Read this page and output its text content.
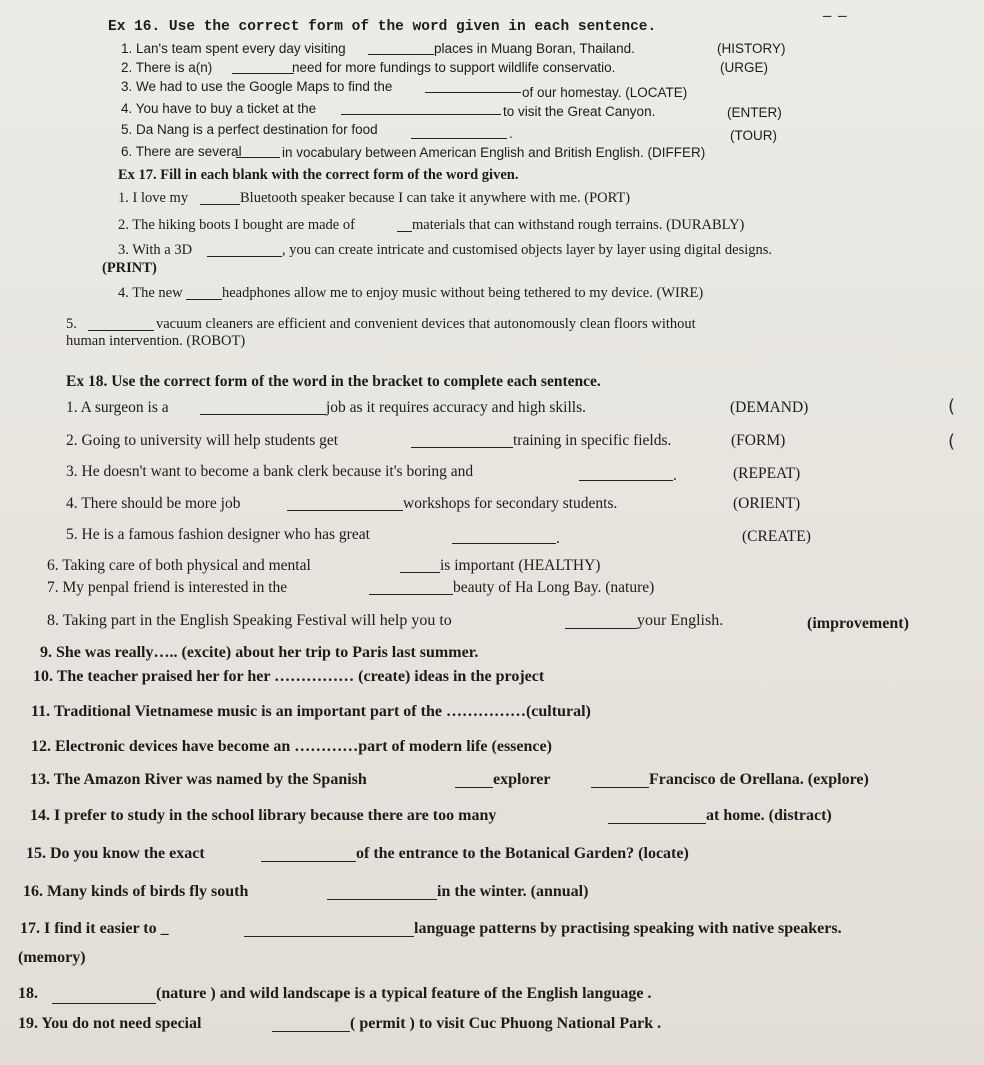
‒ ‒
(
(
Ex 16. Use the correct form of the word given in each sentence.
1. Lan's team spent every day visiting	places in Muang Boran, Thailand.	(HISTORY)
2. There is a(n)	need for more fundings to support wildlife conservatio.	(URGE)
3. We had to use the Google Maps to find the	of our homestay. (LOCATE)
4. You have to buy a ticket at the	to visit the Great Canyon.	(ENTER)
5. Da Nang is a perfect destination for food	.	(TOUR)
6. There are several	in vocabulary between American English and British English. (DIFFER)
Ex 17. Fill in each blank with the correct form of the word given.
1. I love my	Bluetooth speaker because I can take it anywhere with me. (PORT)
2. The hiking boots I bought are made of	materials that can withstand rough terrains. (DURABLY)
3. With a 3D	, you can create intricate and customised objects layer by layer using digital designs.
(PRINT)
4. The new	headphones allow me to enjoy music without being tethered to my device. (WIRE)
5.	vacuum cleaners are efficient and convenient devices that autonomously clean floors without
human intervention. (ROBOT)
Ex 18. Use the correct form of the word in the bracket to complete each sentence.
1. A surgeon is a	job as it requires accuracy and high skills.	(DEMAND)
2. Going to university will help students get	training in specific fields.	(FORM)
3. He doesn't want to become a bank clerk because it's boring and	.	(REPEAT)
4. There should be more job	workshops for secondary students.	(ORIENT)
5. He is a famous fashion designer who has great	.	(CREATE)
6. Taking care of both physical and mental	is important (HEALTHY)
7. My penpal friend is interested in the	beauty of Ha Long Bay. (nature)
8. Taking part in the English Speaking Festival will help you to	your English.	(improvement)
9. She was really….. (excite) about her trip to Paris last summer.
10. The teacher praised her for her …………… (create) ideas in the project
11. Traditional Vietnamese music is an important part of the ……………(cultural)
12. Electronic devices have become an …………part of modern life (essence)
13. The Amazon River was named by the Spanish	explorer	Francisco de Orellana. (explore)
14. I prefer to study in the school library because there are too many	at home. (distract)
15. Do you know the exact	of the entrance to the Botanical Garden? (locate)
16. Many kinds of birds fly south	in the winter. (annual)
17. I find it easier to _	language patterns by practising speaking with native speakers.
(memory)
18.	(nature ) and wild landscape is a typical feature of the English language .
19. You do not need special	( permit ) to visit Cuc Phuong National Park .
